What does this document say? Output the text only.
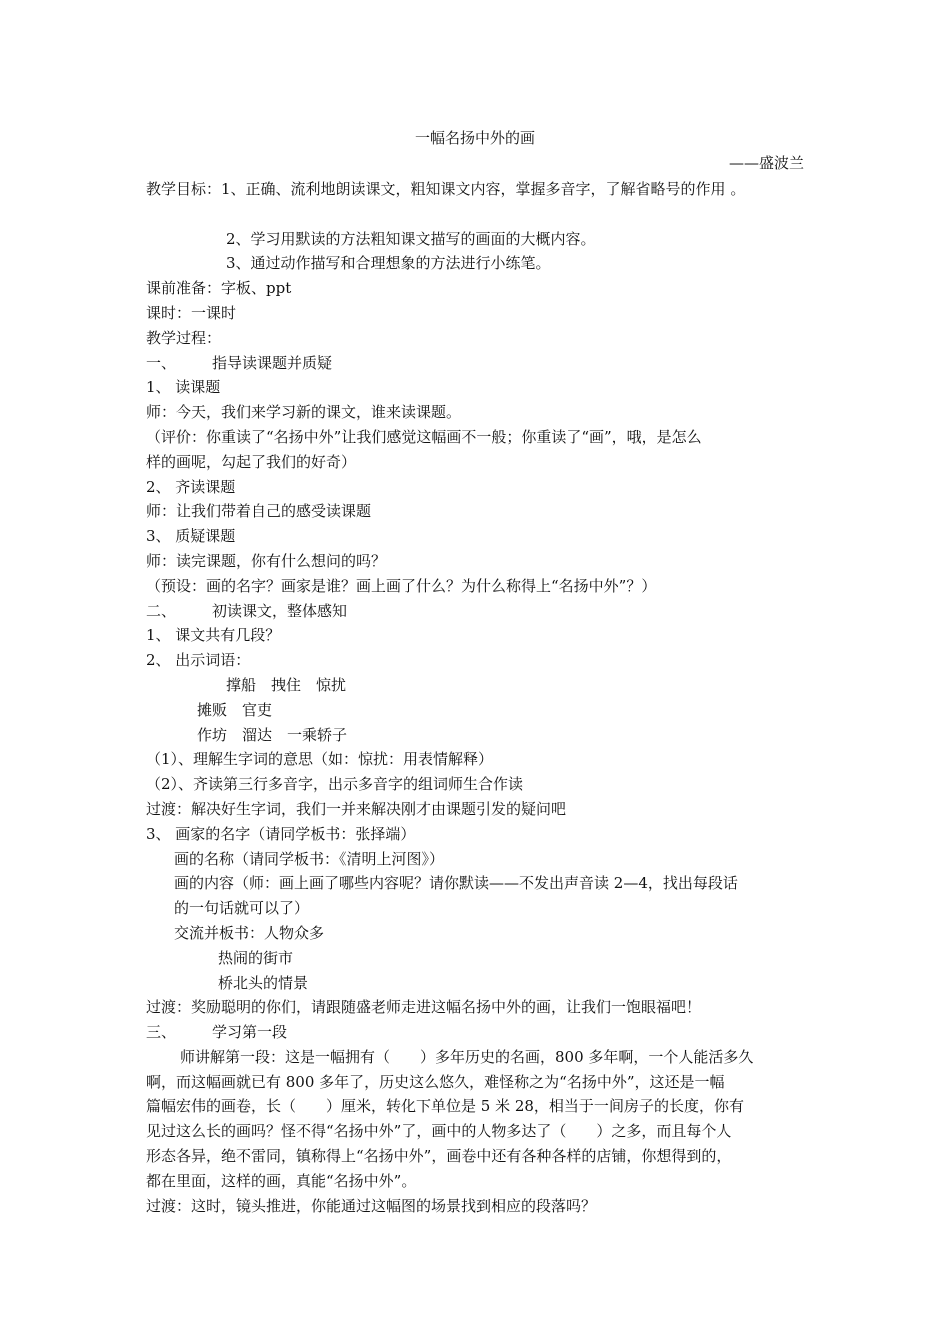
一幅名扬中外的画
——盛波兰
教学目标：1、正确、流利地朗读课文，粗知课文内容，掌握多音字，了解省略号的作用 。
2、学习用默读的方法粗知课文描写的画面的大概内容。
3、通过动作描写和合理想象的方法进行小练笔。
课前准备：字板、ppt
课时：一课时
教学过程：
一、 指导读课题并质疑
1、 读课题
师：今天，我们来学习新的课文，谁来读课题。
（评价：你重读了“名扬中外”让我们感觉这幅画不一般；你重读了“画”，哦，是怎么
样的画呢，勾起了我们的好奇）
2、 齐读课题
师：让我们带着自己的感受读课题
3、 质疑课题
师：读完课题，你有什么想问的吗？
（预设：画的名字？画家是谁？画上画了什么？为什么称得上“名扬中外”？）
二、 初读课文，整体感知
1、 课文共有几段？
2、 出示词语：
撑船　拽住　惊扰
摊贩　官吏
作坊　溜达　一乘轿子
（1）、理解生字词的意思（如：惊扰：用表情解释）
（2）、齐读第三行多音字，出示多音字的组词师生合作读
过渡：解决好生字词，我们一并来解决刚才由课题引发的疑问吧
3、 画家的名字（请同学板书：张择端）
画的名称（请同学板书：《清明上河图》）
画的内容（师：画上画了哪些内容呢？请你默读——不发出声音读 2—4，找出每段话
的一句话就可以了）
交流并板书：人物众多
热闹的街市
桥北头的情景
过渡：奖励聪明的你们，请跟随盛老师走进这幅名扬中外的画，让我们一饱眼福吧！
三、 学习第一段
师讲解第一段：这是一幅拥有（　　）多年历史的名画，800 多年啊，一个人能活多久
啊，而这幅画就已有 800 多年了，历史这么悠久，难怪称之为“名扬中外”，这还是一幅
篇幅宏伟的画卷，长（　　）厘米，转化下单位是 5 米 28，相当于一间房子的长度，你有
见过这么长的画吗？怪不得“名扬中外”了，画中的人物多达了（　　）之多，而且每个人
形态各异，绝不雷同，镇称得上“名扬中外”，画卷中还有各种各样的店铺，你想得到的，
都在里面，这样的画，真能“名扬中外”。
过渡：这时，镜头推进，你能通过这幅图的场景找到相应的段落吗？
